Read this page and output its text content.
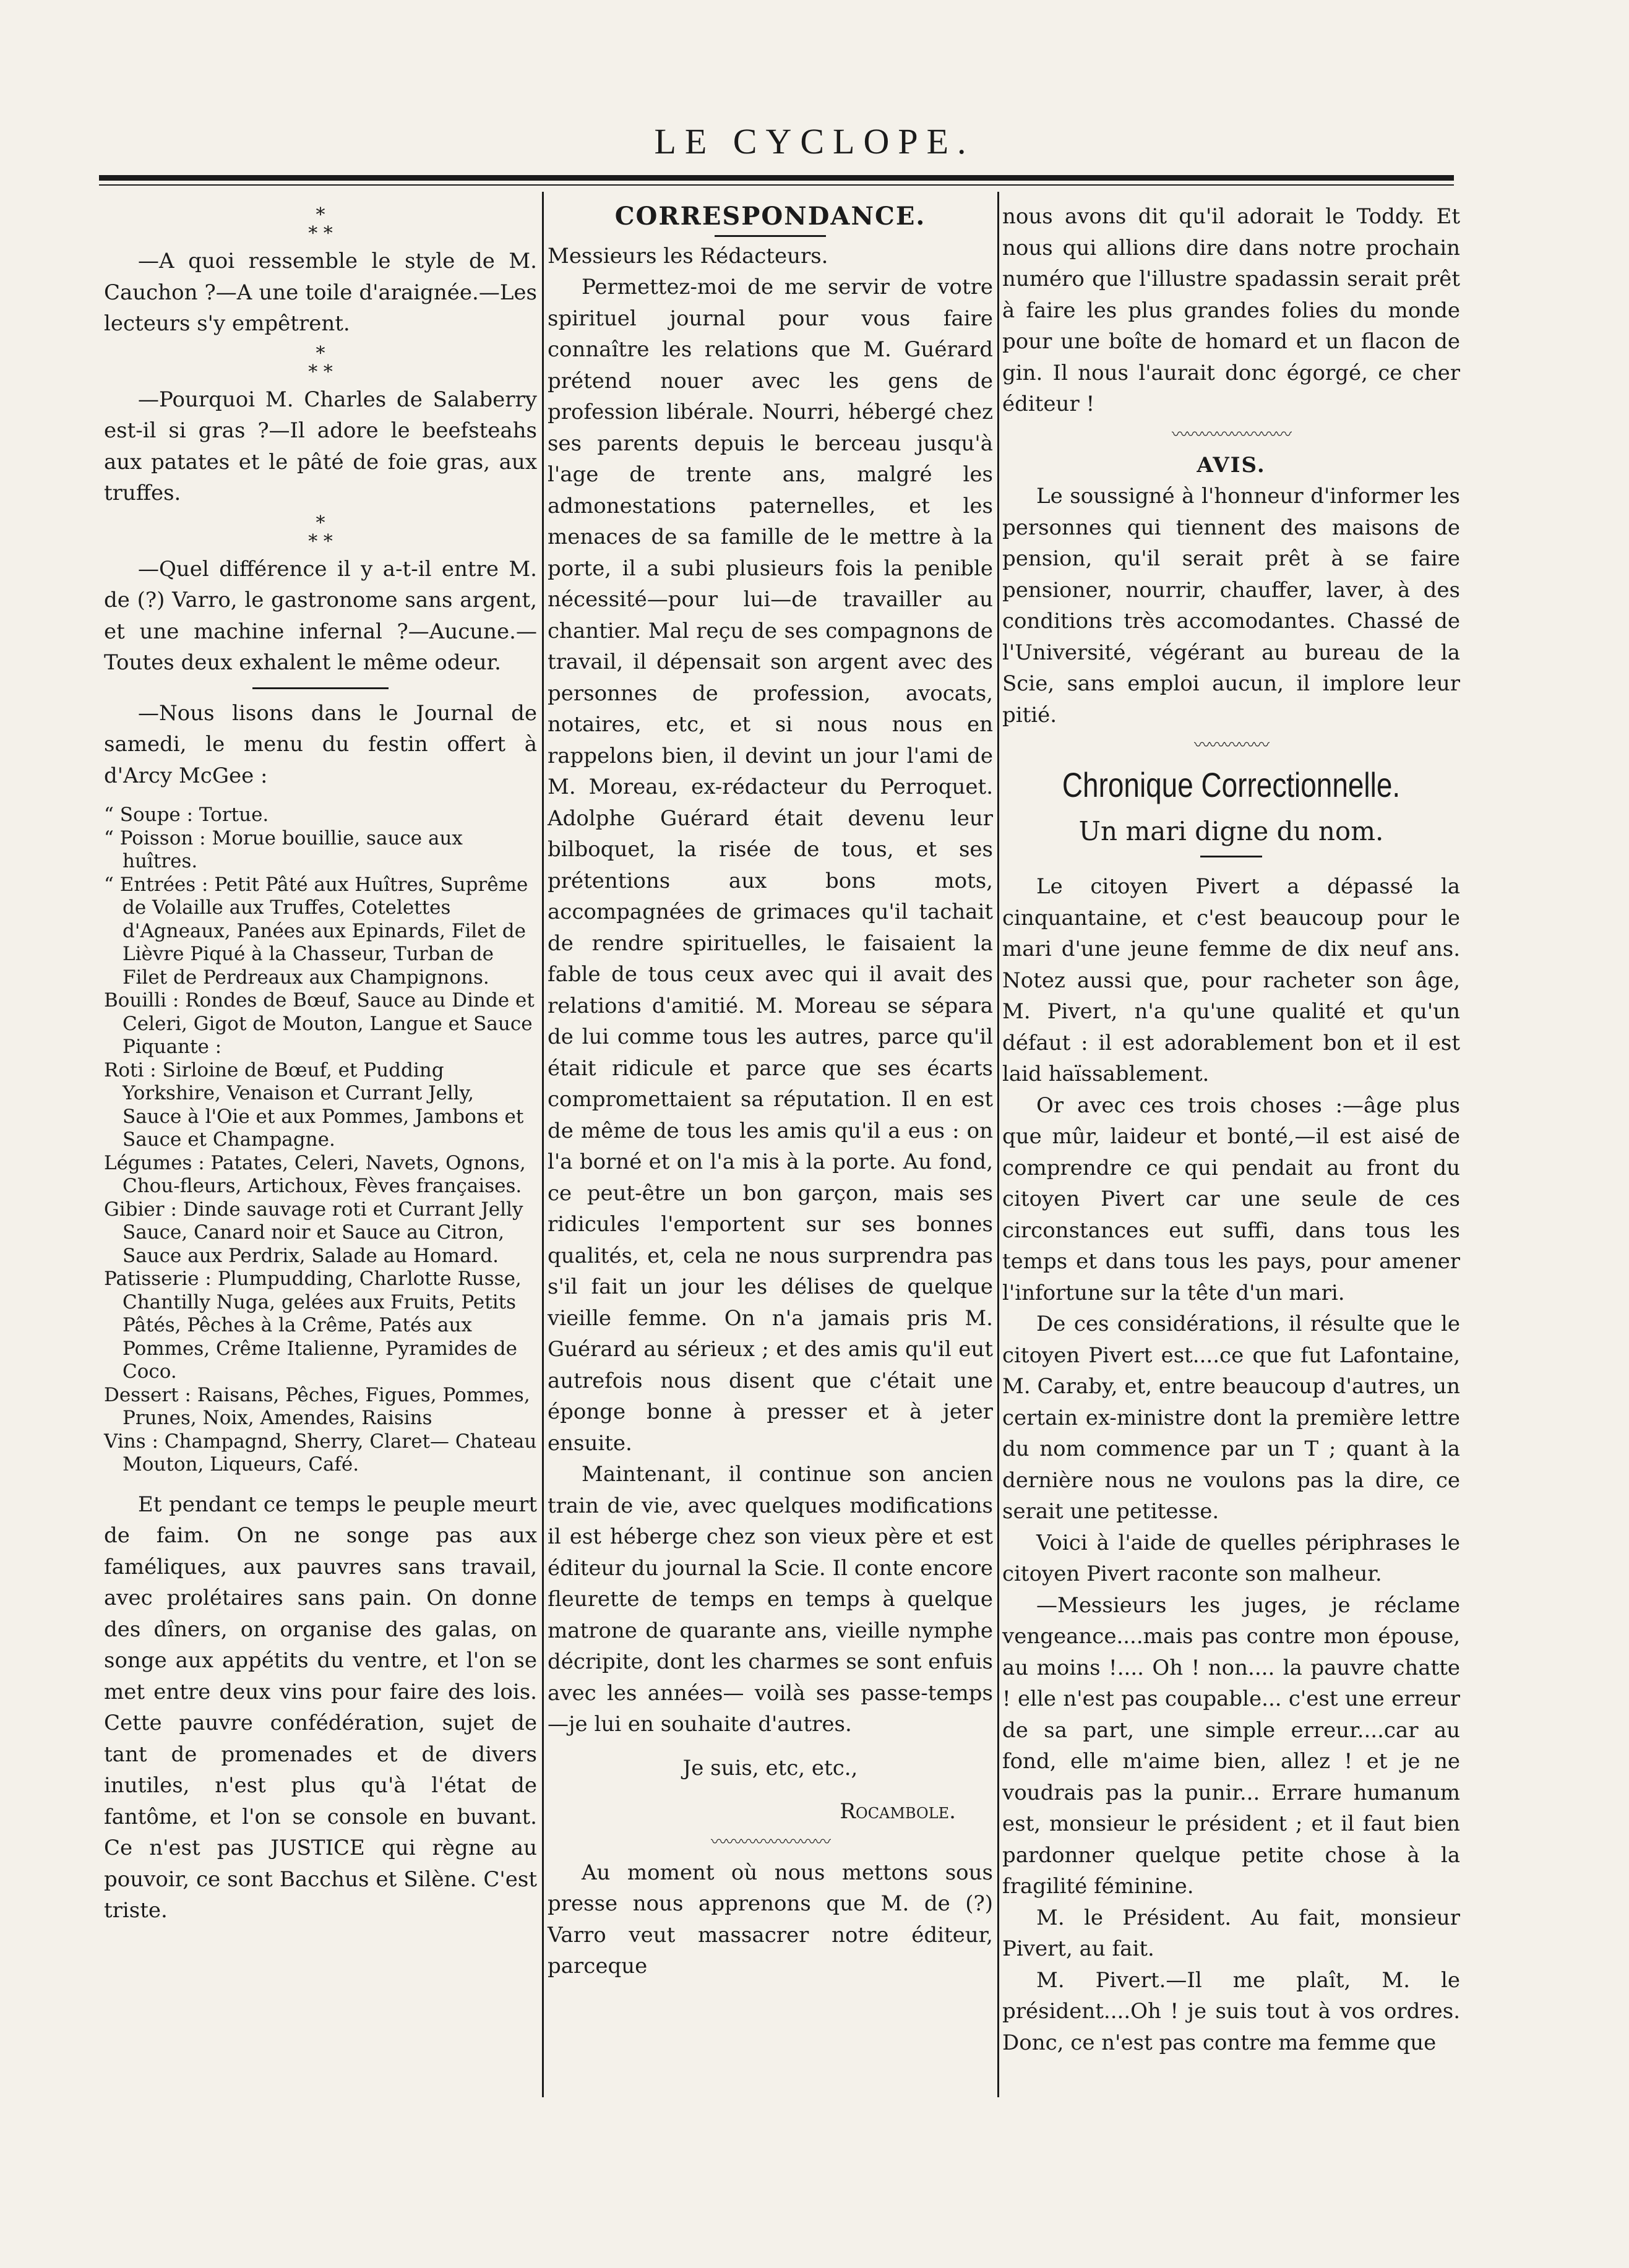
LE CYCLOPE.
*
* *

—A quoi ressemble le style de M. Cauchon ?—A une toile d'araignée.—Les lecteurs s'y empêtrent.

*
* *

—Pourquoi M. Charles de Salaberry est-il si gras ?—Il adore le beefsteahs aux patates et le pâté de foie gras, aux truffes.

*
* *

—Quel différence il y a-t-il entre M. de (?) Varro, le gastronome sans argent, et une machine infernal ?—Aucune.— Toutes deux exhalent le même odeur.

—Nous lisons dans le Journal de samedi, le menu du festin offert à d'Arcy McGee :

“ Soupe : Tortue.
“ Poisson : Morue bouillie, sauce aux huîtres.
“ Entrées : Petit Pâté aux Huîtres, Suprême de Volaille aux Truffes, Cotelettes d'Agneaux, Panées aux Epinards, Filet de Lièvre Piqué à la Chasseur, Turban de Filet de Perdreaux aux Champignons.
Bouilli : Rondes de Bœuf, Sauce au Dinde et Celeri, Gigot de Mouton, Langue et Sauce Piquante :
Roti : Sirloine de Bœuf, et Pudding Yorkshire, Venaison et Currant Jelly, Sauce à l'Oie et aux Pommes, Jambons et Sauce et Champagne.
Légumes : Patates, Celeri, Navets, Ognons, Chou-fleurs, Artichoux, Fèves françaises.
Gibier : Dinde sauvage roti et Currant Jelly Sauce, Canard noir et Sauce au Citron, Sauce aux Perdrix, Salade au Homard.
Patisserie : Plumpudding, Charlotte Russe, Chantilly Nuga, gelées aux Fruits, Petits Pâtés, Pêches à la Crême, Patés aux Pommes, Crême Italienne, Pyramides de Coco.
Dessert : Raisans, Pêches, Figues, Pommes, Prunes, Noix, Amendes, Raisins
Vins : Champagnd, Sherry, Claret— Chateau Mouton, Liqueurs, Café.

Et pendant ce temps le peuple meurt de faim. On ne songe pas aux faméliques, aux pauvres sans travail, avec prolétaires sans pain. On donne des dîners, on organise des galas, on songe aux appétits du ventre, et l'on se met entre deux vins pour faire des lois. Cette pauvre confédération, sujet de tant de promenades et de divers inutiles, n'est plus qu'à l'état de fantôme, et l'on se console en buvant. Ce n'est pas JUSTICE qui règne au pouvoir, ce sont Bacchus et Silène. C'est triste.

CORRESPONDANCE.

Messieurs les Rédacteurs.

Permettez-moi de me servir de votre spirituel journal pour vous faire connaître les relations que M. Guérard prétend nouer avec les gens de profession libérale. Nourri, hébergé chez ses parents depuis le berceau jusqu'à l'age de trente ans, malgré les admonestations paternelles, et les menaces de sa famille de le mettre à la porte, il a subi plusieurs fois la penible nécessité—pour lui—de travailler au chantier. Mal reçu de ses compagnons de travail, il dépensait son argent avec des personnes de profession, avocats, notaires, etc, et si nous nous en rappelons bien, il devint un jour l'ami de M. Moreau, ex-rédacteur du Perroquet. Adolphe Guérard était devenu leur bilboquet, la risée de tous, et ses prétentions aux bons mots, accompagnées de grimaces qu'il tachait de rendre spirituelles, le faisaient la fable de tous ceux avec qui il avait des relations d'amitié. M. Moreau se sépara de lui comme tous les autres, parce qu'il était ridicule et parce que ses écarts compromettaient sa réputation. Il en est de même de tous les amis qu'il a eus : on l'a borné et on l'a mis à la porte. Au fond, ce peut-être un bon garçon, mais ses ridicules l'emportent sur ses bonnes qualités, et, cela ne nous surprendra pas s'il fait un jour les délises de quelque vieille femme. On n'a jamais pris M. Guérard au sérieux ; et des amis qu'il eut autrefois nous disent que c'était une éponge bonne à presser et à jeter ensuite.

Maintenant, il continue son ancien train de vie, avec quelques modifications il est héberge chez son vieux père et est éditeur du journal la Scie. Il conte encore fleurette de temps en temps à quelque matrone de quarante ans, vieille nymphe décripite, dont les charmes se sont enfuis avec les années— voilà ses passe-temps—je lui en souhaite d'autres.

Je suis, etc, etc.,

Rocambole.

〰〰〰〰〰〰〰〰

Au moment où nous mettons sous presse nous apprenons que M. de (?) Varro veut massacrer notre éditeur, parceque

nous avons dit qu'il adorait le Toddy. Et nous qui allions dire dans notre prochain numéro que l'illustre spadassin serait prêt à faire les plus grandes folies du monde pour une boîte de homard et un flacon de gin. Il nous l'aurait donc égorgé, ce cher éditeur !

〰〰〰〰〰〰〰〰
AVIS.

Le soussigné à l'honneur d'informer les personnes qui tiennent des maisons de pension, qu'il serait prêt à se faire pensioner, nourrir, chauffer, laver, à des conditions très accomodantes. Chassé de l'Université, végérant au bureau de la Scie, sans emploi aucun, il implore leur pitié.

〰〰〰〰〰
Chronique Correctionnelle.
Un mari digne du nom.

Le citoyen Pivert a dépassé la cinquantaine, et c'est beaucoup pour le mari d'une jeune femme de dix neuf ans. Notez aussi que, pour racheter son âge, M. Pivert, n'a qu'une qualité et qu'un défaut : il est adorablement bon et il est laid haïssablement.

Or avec ces trois choses :—âge plus que mûr, laideur et bonté,—il est aisé de comprendre ce qui pendait au front du citoyen Pivert car une seule de ces circonstances eut suffi, dans tous les temps et dans tous les pays, pour amener l'infortune sur la tête d'un mari.

De ces considérations, il résulte que le citoyen Pivert est....ce que fut Lafontaine, M. Caraby, et, entre beaucoup d'autres, un certain ex-ministre dont la première lettre du nom commence par un T ; quant à la dernière nous ne voulons pas la dire, ce serait une petitesse.

Voici à l'aide de quelles périphrases le citoyen Pivert raconte son malheur.

—Messieurs les juges, je réclame vengeance....mais pas contre mon épouse, au moins !.... Oh ! non.... la pauvre chatte ! elle n'est pas coupable... c'est une erreur de sa part, une simple erreur....car au fond, elle m'aime bien, allez ! et je ne voudrais pas la punir... Errare humanum est, monsieur le président ; et il faut bien pardonner quelque petite chose à la fragilité féminine.

M. le Président. Au fait, monsieur Pivert, au fait.

M. Pivert.—Il me plaît, M. le président....Oh ! je suis tout à vos ordres. Donc, ce n'est pas contre ma femme que
